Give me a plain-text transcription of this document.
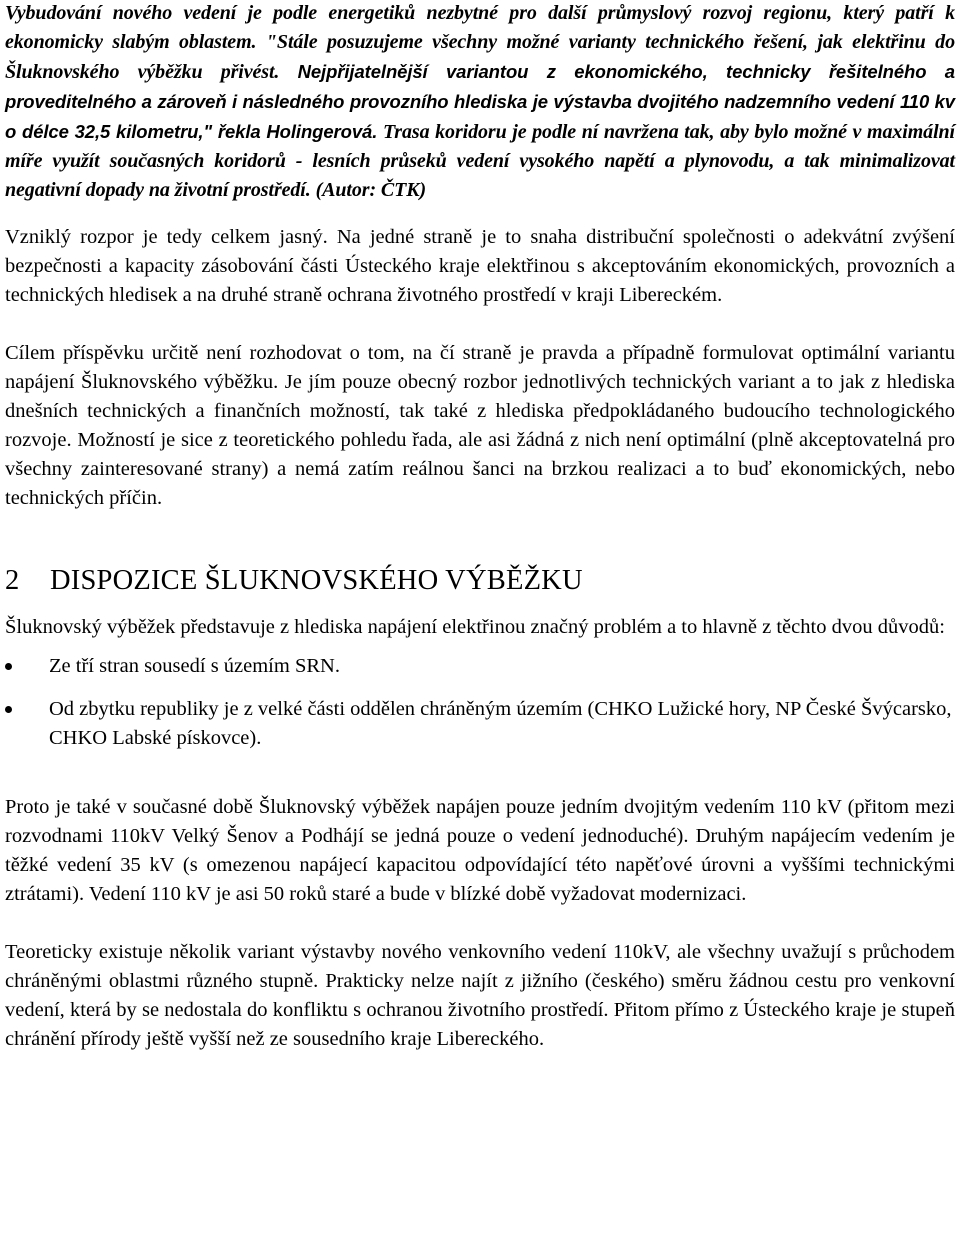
Vybudování nového vedení je podle energetiků nezbytné pro další průmyslový rozvoj regionu, který patří k ekonomicky slabým oblastem. "Stále posuzujeme všechny možné varianty technického řešení, jak elektřinu do Šluknovského výběžku přivést. Nejpřijatelnější variantou z ekonomického, technicky řešitelného a proveditelného a zároveň i následného provozního hlediska je výstavba dvojitého nadzemního vedení 110 kv o délce 32,5 kilometru," řekla Holingerová. Trasa koridoru je podle ní navržena tak, aby bylo možné v maximální míře využít současných koridorů - lesních průseků vedení vysokého napětí a plynovodu, a tak minimalizovat negativní dopady na životní prostředí. (Autor: ČTK)

Vzniklý rozpor je tedy celkem jasný. Na jedné straně je to snaha distribuční společnosti o adekvátní zvýšení bezpečnosti a kapacity zásobování části Ústeckého kraje elektřinou s akceptováním ekonomických, provozních a technických hledisek a na druhé straně ochrana životného prostředí v kraji Libereckém.

Cílem příspěvku určitě není rozhodovat o tom, na čí straně je pravda a případně formulovat optimální variantu napájení Šluknovského výběžku. Je jím pouze obecný rozbor jednotlivých technických variant a to jak z hlediska dnešních technických a finančních možností, tak také z hlediska předpokládaného budoucího technologického rozvoje. Možností je sice z teoretického pohledu řada, ale asi žádná z nich není optimální (plně akceptovatelná pro všechny zainteresované strany) a nemá zatím reálnou šanci na brzkou realizaci a to buď ekonomických, nebo technických příčin.

2 DISPOZICE ŠLUKNOVSKÉHO VÝBĚŽKU

Šluknovský výběžek představuje z hlediska napájení elektřinou značný problém a to hlavně z těchto dvou důvodů:

Ze tří stran sousedí s územím SRN.
Od zbytku republiky je z velké části oddělen chráněným územím (CHKO Lužické hory, NP České Švýcarsko, CHKO Labské pískovce).

Proto je také v současné době Šluknovský výběžek napájen pouze jedním dvojitým vedením 110 kV (přitom mezi rozvodnami 110kV Velký Šenov a Podhájí se jedná pouze o vedení jednoduché). Druhým napájecím vedením je těžké vedení 35 kV (s omezenou napájecí kapacitou odpovídající této napěťové úrovni a vyššími technickými ztrátami). Vedení 110 kV je asi 50 roků staré a bude v blízké době vyžadovat modernizaci.

Teoreticky existuje několik variant výstavby nového venkovního vedení 110kV, ale všechny uvažují s průchodem chráněnými oblastmi různého stupně. Prakticky nelze najít z jižního (českého) směru žádnou cestu pro venkovní vedení, která by se nedostala do konfliktu s ochranou životního prostředí. Přitom přímo z Ústeckého kraje je stupeň chránění přírody ještě vyšší než ze sousedního kraje Libereckého.
